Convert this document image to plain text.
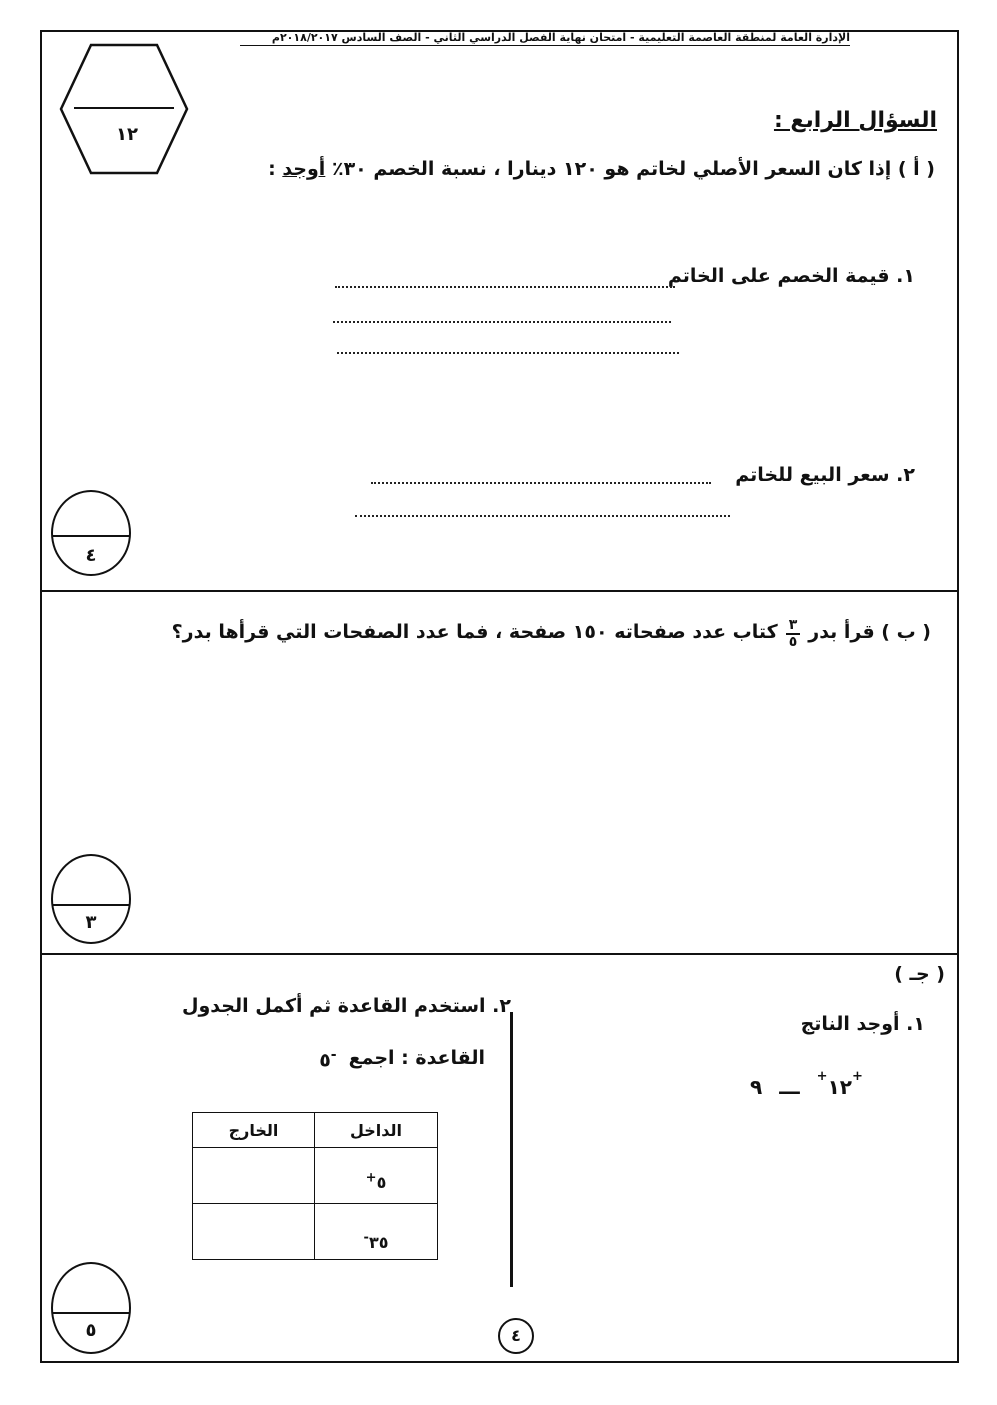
الإدارة العامة لمنطقة العاصمة التعليمية - امتحان نهاية الفصل الدراسي الثاني - الصف السادس ٢٠١٨/٢٠١٧م
١٢
السؤال الرابع :
( أ ) إذا كان السعر الأصلي لخاتم هو ١٢٠ دينارا ، نسبة الخصم ٣٠٪ أوجد :
١. قيمة الخصم على الخاتم
٢. سعر البيع للخاتم
٤
( ب ) قرأ بدر
٣
٥
كتاب عدد صفحاته ١٥٠ صفحة ، فما عدد الصفحات التي قرأها بدر؟
٣
( جـ )
١. أوجد الناتج
١٢+ ـــ ٩	+
٢. استخدم القاعدة ثم أكمل الجدول
القاعدة : اجمع
-٥
الداخل	الخارج
٥+	
٣٥-	
٥	٤
